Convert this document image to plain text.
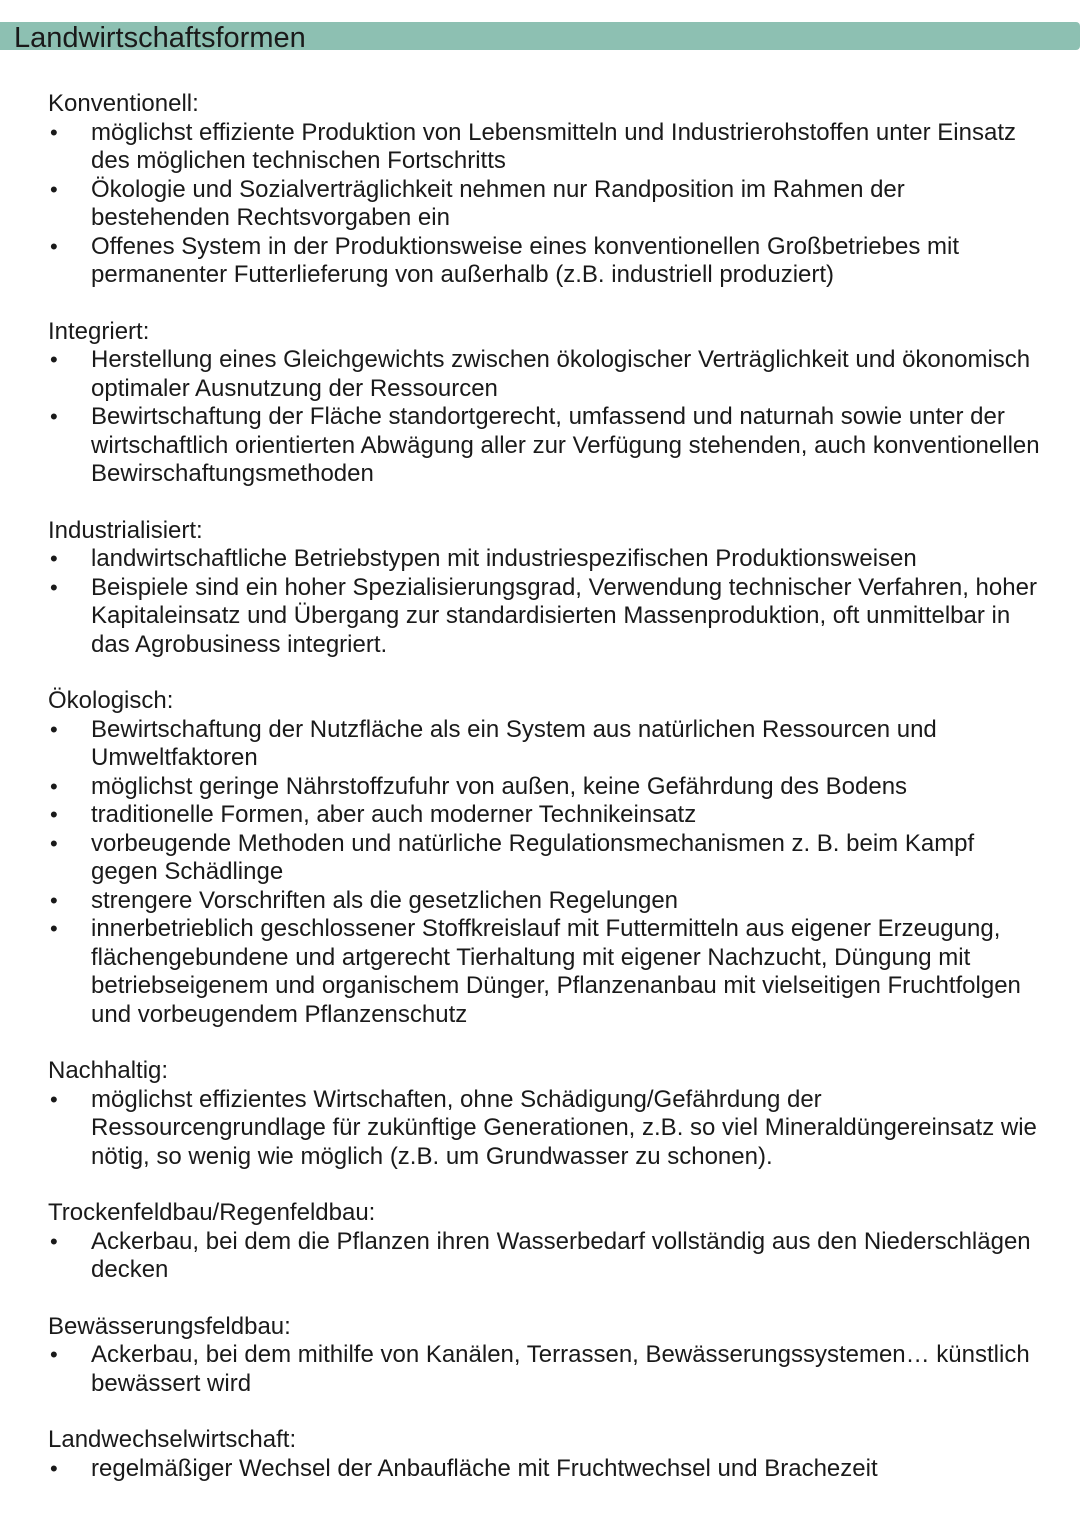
Landwirtschaftsformen
Konventionell:
• möglichst effiziente Produktion von Lebensmitteln und Industrierohstoffen unter Einsatz des möglichen technischen Fortschritts
• Ökologie und Sozialverträglichkeit nehmen nur Randposition im Rahmen der bestehenden Rechtsvorgaben ein
• Offenes System in der Produktionsweise eines konventionellen Großbetriebes mit permanenter Futterlieferung von außerhalb (z.B. industriell produziert)
Integriert:
• Herstellung eines Gleichgewichts zwischen ökologischer Verträglichkeit und ökonomisch optimaler Ausnutzung der Ressourcen
• Bewirtschaftung der Fläche standortgerecht, umfassend und naturnah sowie unter der wirtschaftlich orientierten Abwägung aller zur Verfügung stehenden, auch konventionellen Bewirschaftungsmethoden
Industrialisiert:
• landwirtschaftliche Betriebstypen mit industriespezifischen Produktionsweisen
• Beispiele sind ein hoher Spezialisierungsgrad, Verwendung technischer Verfahren, hoher Kapitaleinsatz und Übergang zur standardisierten Massenproduktion, oft unmittelbar in das Agrobusiness integriert.
Ökologisch:
• Bewirtschaftung der Nutzfläche als ein System aus natürlichen Ressourcen und Umweltfaktoren
• möglichst geringe Nährstoffzufuhr von außen, keine Gefährdung des Bodens
• traditionelle Formen, aber auch moderner Technikeinsatz
• vorbeugende Methoden und natürliche Regulationsmechanismen z. B. beim Kampf gegen Schädlinge
• strengere Vorschriften als die gesetzlichen Regelungen
• innerbetrieblich geschlossener Stoffkreislauf mit Futtermitteln aus eigener Erzeugung, flächengebundene und artgerecht Tierhaltung mit eigener Nachzucht, Düngung mit betriebseigenem und organischem Dünger, Pflanzenanbau mit vielseitigen Fruchtfolgen und vorbeugendem Pflanzenschutz
Nachhaltig:
• möglichst effizientes Wirtschaften, ohne Schädigung/Gefährdung der Ressourcengrundlage für zukünftige Generationen, z.B. so viel Mineraldüngereinsatz wie nötig, so wenig wie möglich (z.B. um Grundwasser zu schonen).
Trockenfeldbau/Regenfeldbau:
• Ackerbau, bei dem die Pflanzen ihren Wasserbedarf vollständig aus den Niederschlägen decken
Bewässerungsfeldbau:
• Ackerbau, bei dem mithilfe von Kanälen, Terrassen, Bewässerungssystemen… künstlich bewässert wird
Landwechselwirtschaft:
• regelmäßiger Wechsel der Anbaufläche mit Fruchtwechsel und Brachezeit
